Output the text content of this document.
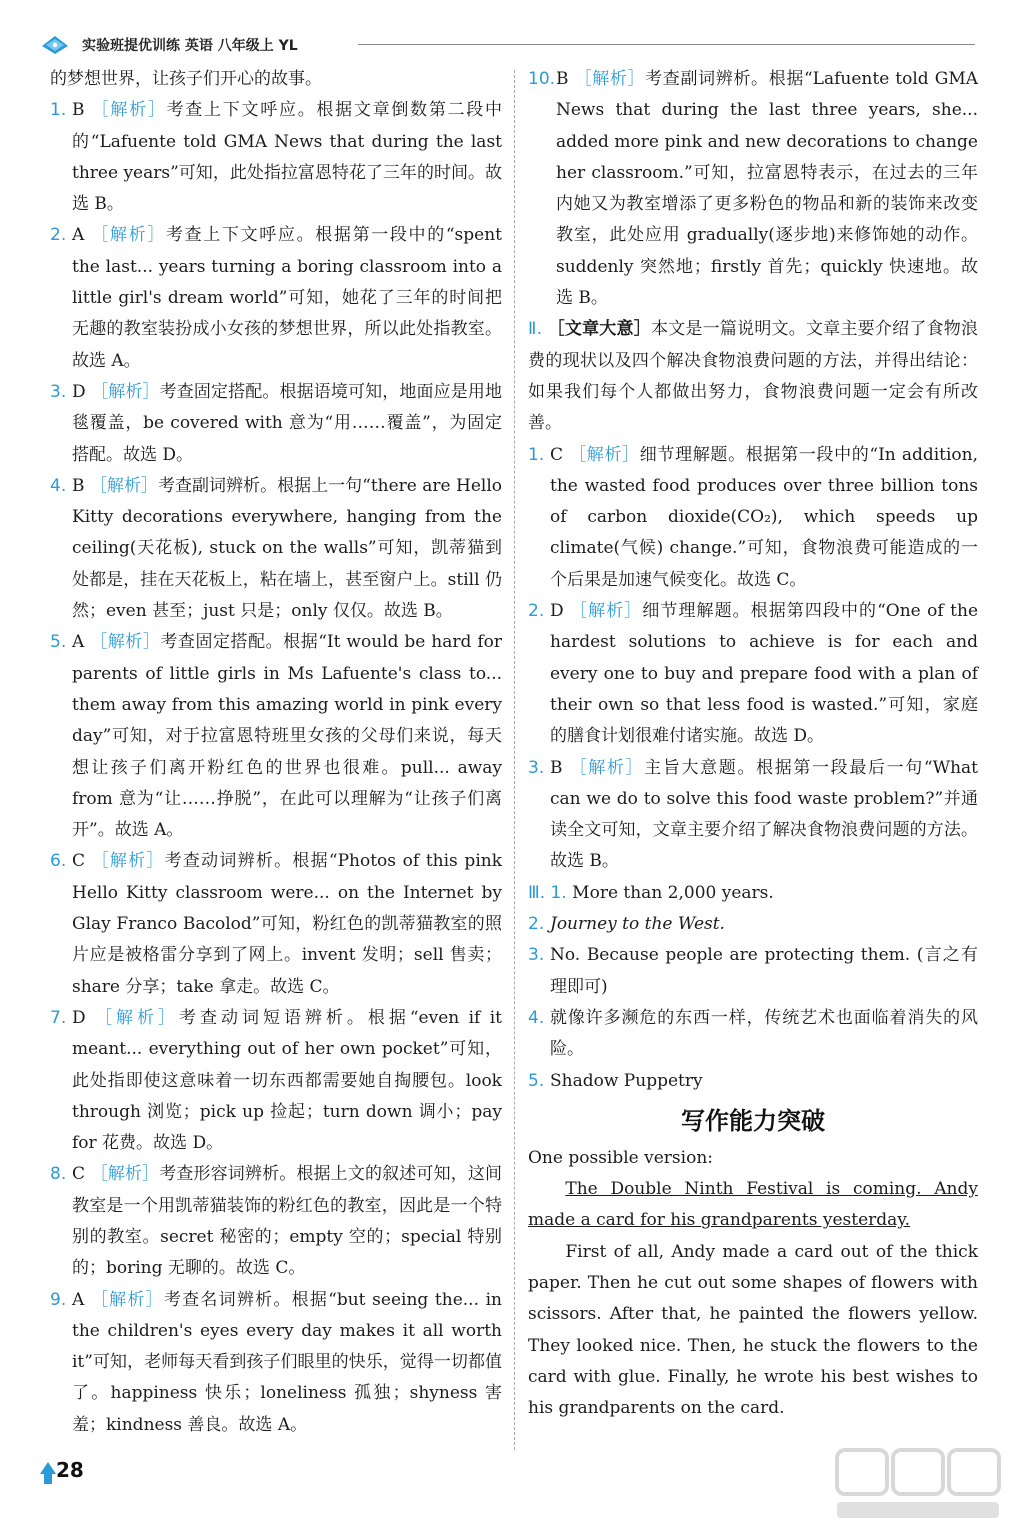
实验班提优训练 英语 八年级上 YL

的梦想世界，让孩子们开心的故事。

1. B ［解析］考查上下文呼应。根据文章倒数第二段中的“Lafuente told GMA News that during the last three years”可知，此处指拉富恩特花了三年的时间。故选 B。
2. A ［解析］考查上下文呼应。根据第一段中的“spent the last... years turning a boring classroom into a little girl's dream world”可知，她花了三年的时间把无趣的教室装扮成小女孩的梦想世界，所以此处指教室。故选 A。
3. D ［解析］考查固定搭配。根据语境可知，地面应是用地毯覆盖，be covered with 意为“用……覆盖”，为固定搭配。故选 D。
4. B ［解析］考查副词辨析。根据上一句“there are Hello Kitty decorations everywhere, hanging from the ceiling(天花板), stuck on the walls”可知，凯蒂猫到处都是，挂在天花板上，粘在墙上，甚至窗户上。still 仍然；even 甚至；just 只是；only 仅仅。故选 B。
5. A ［解析］考查固定搭配。根据“It would be hard for parents of little girls in Ms Lafuente's class to... them away from this amazing world in pink every day”可知，对于拉富恩特班里女孩的父母们来说，每天想让孩子们离开粉红色的世界也很难。pull... away from 意为“让……挣脱”，在此可以理解为“让孩子们离开”。故选 A。
6. C ［解析］考查动词辨析。根据“Photos of this pink Hello Kitty classroom were... on the Internet by Glay Franco Bacolod”可知，粉红色的凯蒂猫教室的照片应是被格雷分享到了网上。invent 发明；sell 售卖；share 分享；take 拿走。故选 C。
7. D ［解析］考查动词短语辨析。根据“even if it meant... everything out of her own pocket”可知，此处指即使这意味着一切东西都需要她自掏腰包。look through 浏览；pick up 捡起；turn down 调小；pay for 花费。故选 D。
8. C ［解析］考查形容词辨析。根据上文的叙述可知，这间教室是一个用凯蒂猫装饰的粉红色的教室，因此是一个特别的教室。secret 秘密的；empty 空的；special 特别的；boring 无聊的。故选 C。
9. A ［解析］考查名词辨析。根据“but seeing the... in the children's eyes every day makes it all worth it”可知，老师每天看到孩子们眼里的快乐，觉得一切都值了。happiness 快乐；loneliness 孤独；shyness 害羞；kindness 善良。故选 A。
10. B ［解析］考查副词辨析。根据“Lafuente told GMA News that during the last three years, she... added more pink and new decorations to change her classroom.”可知，拉富恩特表示，在过去的三年内她又为教室增添了更多粉色的物品和新的装饰来改变教室，此处应用 gradually(逐步地)来修饰她的动作。suddenly 突然地；firstly 首先；quickly 快速地。故选 B。

Ⅱ. ［文章大意］本文是一篇说明文。文章主要介绍了食物浪费的现状以及四个解决食物浪费问题的方法，并得出结论：如果我们每个人都做出努力，食物浪费问题一定会有所改善。

1. C ［解析］细节理解题。根据第一段中的“In addition, the wasted food produces over three billion tons of carbon dioxide(CO₂), which speeds up climate(气候) change.”可知，食物浪费可能造成的一个后果是加速气候变化。故选 C。
2. D ［解析］细节理解题。根据第四段中的“One of the hardest solutions to achieve is for each and every one to buy and prepare food with a plan of their own so that less food is wasted.”可知，家庭的膳食计划很难付诸实施。故选 D。
3. B ［解析］主旨大意题。根据第一段最后一句“What can we do to solve this food waste problem?”并通读全文可知，文章主要介绍了解决食物浪费问题的方法。故选 B。

Ⅲ. 1. More than 2,000 years.

2. Journey to the West.
3. No. Because people are protecting them. (言之有理即可)
4. 就像许多濒危的东西一样，传统艺术也面临着消失的风险。
5. Shadow Puppetry
写作能力突破

One possible version:

The Double Ninth Festival is coming. Andy made a card for his grandparents yesterday.

First of all, Andy made a card out of the thick paper. Then he cut out some shapes of flowers with scissors. After that, he painted the flowers yellow. They looked nice. Then, he stuck the flowers to the card with glue. Finally, he wrote his best wishes to his grandparents on the card.

28
